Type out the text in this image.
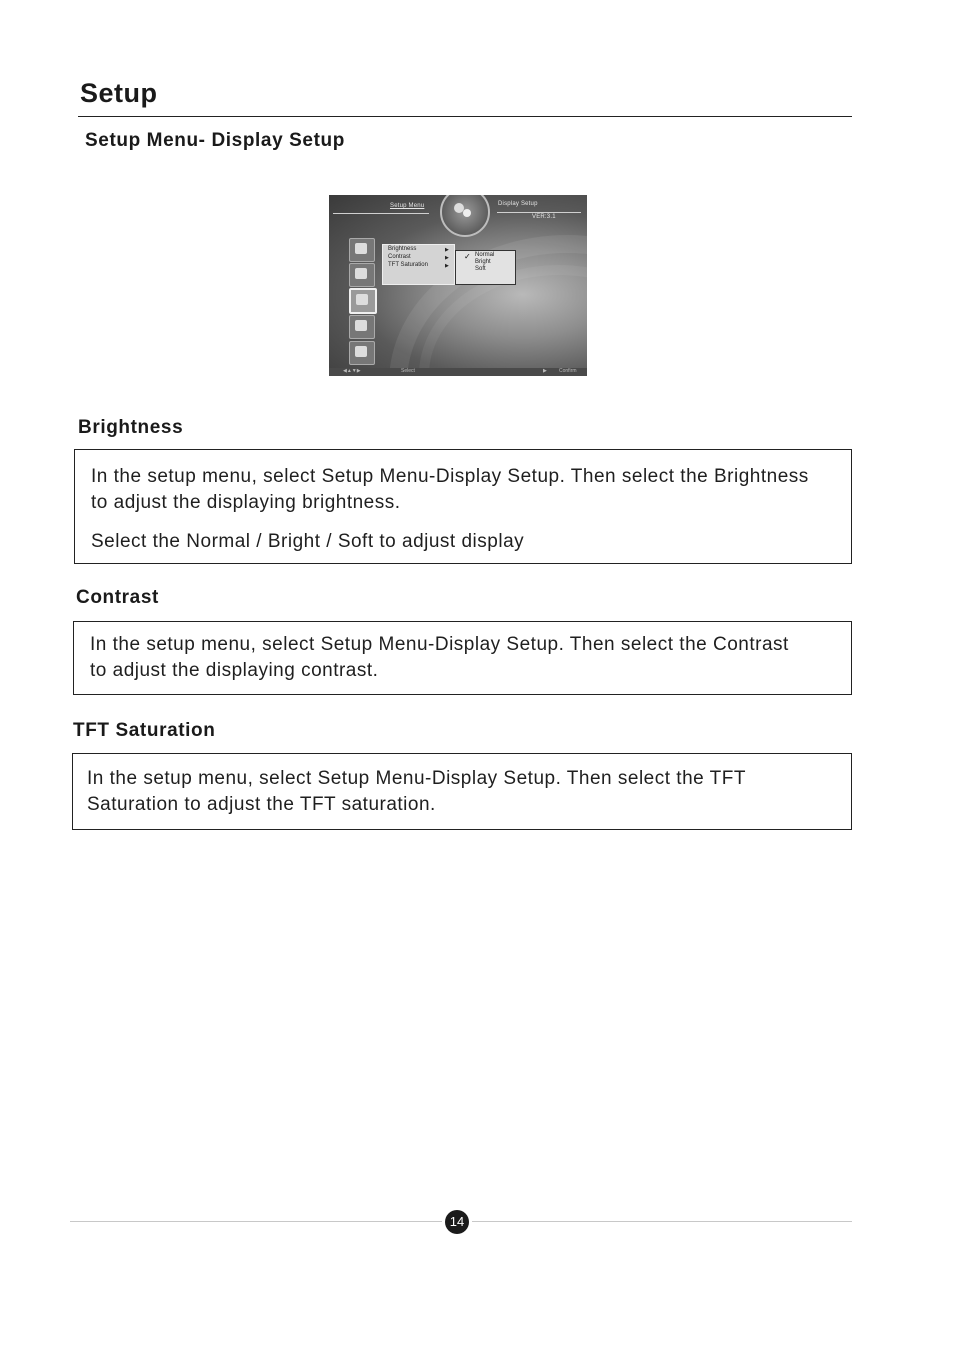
Setup
Setup Menu- Display Setup
Setup Menu	Display Setup
VER:3.1
Brightness	▶
Contrast	▶
TFT Saturation	▶
✓ Normal
Bright
Soft
◀▲▼▶	Select	▶ Confirm
Brightness
In the setup menu, select Setup Menu-Display Setup. Then select the Brightness to adjust the displaying brightness.
Select the Normal / Bright / Soft to adjust display
Contrast
In the setup menu, select Setup Menu-Display Setup. Then select the Contrast to adjust the displaying contrast.
TFT Saturation
In the setup menu, select Setup Menu-Display Setup. Then select the TFT Saturation to adjust the TFT saturation.
14
